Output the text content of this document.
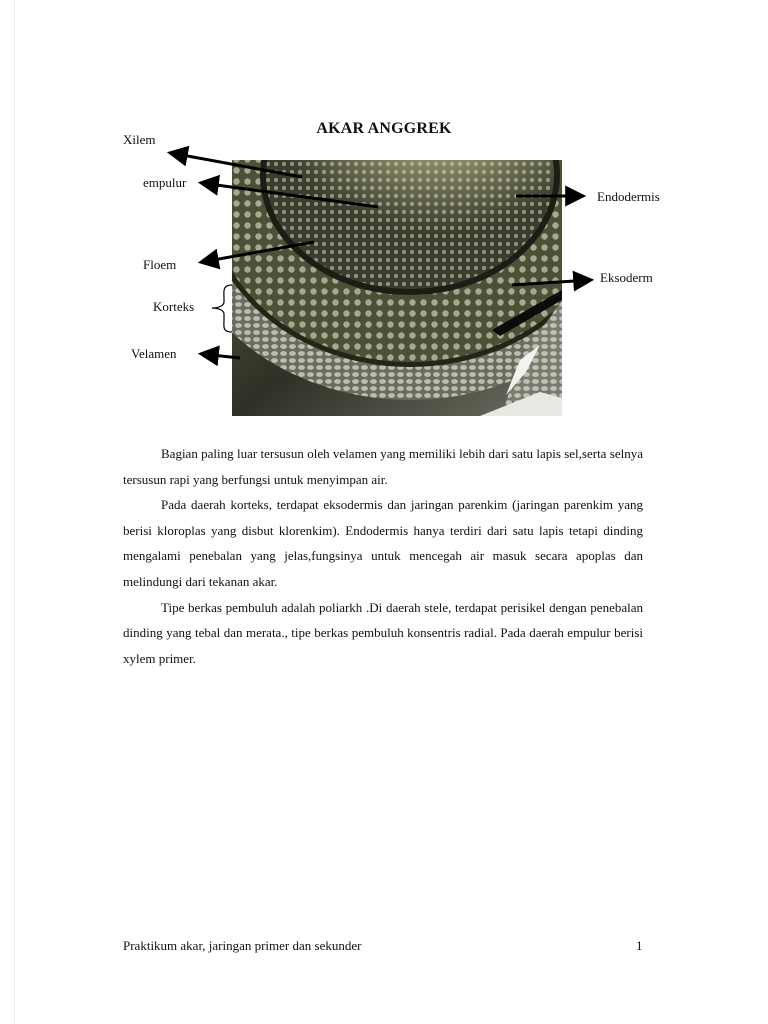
AKAR ANGGREK
Xilem
empulur
Floem
Korteks
Velamen
Endodermis
Eksoderm

Bagian paling luar tersusun oleh velamen yang memiliki lebih dari satu lapis sel,serta selnya tersusun rapi yang berfungsi untuk menyimpan air.

Pada daerah korteks, terdapat eksodermis dan jaringan parenkim (jaringan parenkim yang berisi kloroplas yang disbut klorenkim). Endodermis hanya terdiri dari satu lapis tetapi dinding mengalami penebalan yang jelas,fungsinya untuk mencegah air masuk secara apoplas dan melindungi dari tekanan akar.

Tipe berkas pembuluh adalah poliarkh .Di daerah stele, terdapat perisikel dengan penebalan dinding yang tebal dan merata., tipe berkas pembuluh konsentris radial. Pada daerah empulur berisi xylem primer.

Praktikum akar, jaringan primer dan sekunder	1
